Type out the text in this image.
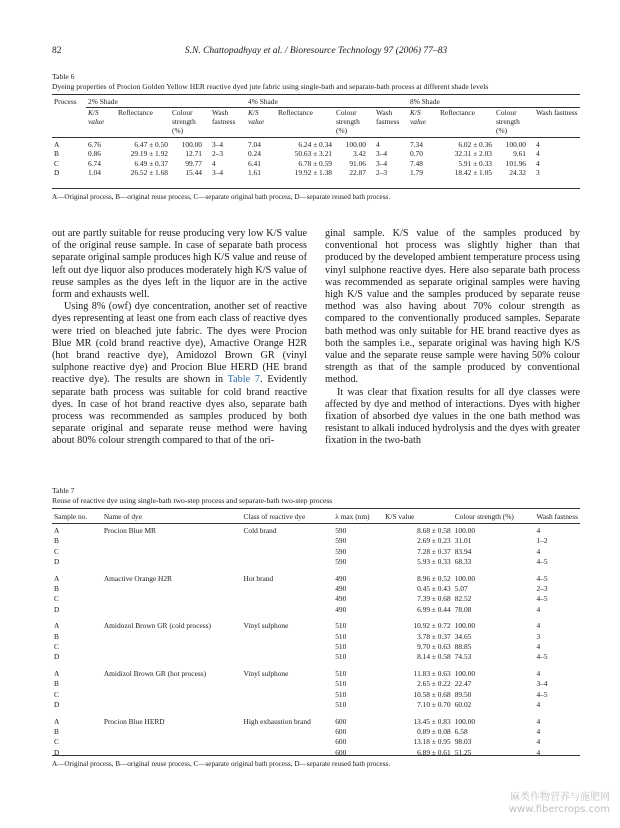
82	S.N. Chattopadhyay et al. / Bioresource Technology 97 (2006) 77–83
Table 6
Dyeing properties of Procion Golden Yellow HER reactive dyed jute fabric using single-bath and separate-bath process at different shade levels
Process	2% Shade				4% Shade				8% Shade			
	K/S value	Reflectance	Colour strength (%)	Wash fastness	K/S value	Reflectance	Colour strength (%)	Wash fastness	K/S value	Reflectance	Colour strength (%)	Wash fastness
A	6.76	6.47 ± 0.50	100.00	3–4	7.04	6.24 ± 0.34	100.00	4	7.34	6.02 ± 0.36	100.00	4
B	0.86	29.19 ± 1.92	12.71	2–3	0.24	50.63 ± 3.21	3.42	3–4	0.70	32.31 ± 2.03	9.61	4
C	6.74	6.49 ± 0.37	99.77	4	6.41	6.78 ± 0.59	91.06	3–4	7.48	5.91 ± 0.33	101.96	4
D	1.04	26.52 ± 1.68	15.44	3–4	1.61	19.92 ± 1.38	22.87	2–3	1.79	18.42 ± 1.05	24.32	3
A—Original process, B—original reuse process, C—separate original bath process, D—separate reused bath process.

out are partly suitable for reuse producing very low K/S value of the original reuse sample. In case of separate bath process separate original sample produces high K/S value and reuse of left out dye liquor also produces moderately high K/S value of reuse samples as the dyes left in the liquor are in the active form and exhausts well.

Using 8% (owf) dye concentration, another set of reactive dyes representing at least one from each class of reactive dyes were tried on bleached jute fabric. The dyes were Procion Blue MR (cold brand reactive dye), Amactive Orange H2R (hot brand reactive dye), Amidozol Brown GR (vinyl sulphone reactive dye) and Procion Blue HERD (HE brand reactive dye). The results are shown in Table 7. Evidently separate bath process was suitable for cold brand reactive dyes. In case of hot brand reactive dyes also, separate bath process was recommended as samples produced by both separate original and separate reuse method were having about 80% colour strength compared to that of the ori-

ginal sample. K/S value of the samples produced by conventional hot process was slightly higher than that produced by the developed ambient temperature process using vinyl sulphone reactive dyes. Here also separate bath process was recommended as separate original samples were having high K/S value and the samples produced by separate reuse method was also having about 70% colour strength as compared to the conventionally produced samples. Separate bath method was only suitable for HE brand reactive dyes as both the samples i.e., separate original was having high K/S value and the separate reuse sample were having 50% colour strength as that of the sample produced by conventional method.

It was clear that fixation results for all dye classes were affected by dye and method of interactions. Dyes with higher fixation of absorbed dye values in the one bath method was resistant to alkali induced hydrolysis and the dyes with greater fixation in the two-bath

Table 7
Reuse of reactive dye using single-bath two-step process and separate-bath two-step process
Sample no.	Name of dye	Class of reactive dye	λ max (nm)	K/S value	Colour strength (%)	Wash fastness
A	Procion Blue MR	Cold brand	590	8.68 ± 0.58	100.00	4
B			590	2.69 ± 0.23	31.01	1–2
C			590	7.28 ± 0.37	83.94	4
D			590	5.93 ± 0.33	68.33	4–5
A	Amactive Orange H2R	Hot brand	490	8.96 ± 0.52	100.00	4–5
B			490	0.45 ± 0.43	5.07	2–3
C			490	7.39 ± 0.68	82.52	4–5
D			490	6.99 ± 0.44	78.08	4
A	Amidozol Brown GR (cold process)	Vinyl sulphone	510	10.92 ± 0.72	100.00	4
B			510	3.78 ± 0.37	34.65	3
C			510	9.70 ± 0.63	88.85	4
D			510	8.14 ± 0.58	74.53	4–5
A	Amidizol Brown GR (hot process)	Vinyl sulphone	510	11.83 ± 0.63	100.00	4
B			510	2.65 ± 0.22	22.47	3–4
C			510	10.58 ± 0.68	89.50	4–5
D			510	7.10 ± 0.70	60.02	4
A	Procion Blue HERD	High exhaustion brand	600	13.45 ± 0.83	100.00	4
B			600	0.89 ± 0.08	6.58	4
C			600	13.18 ± 0.95	98.03	4
D			600	6.89 ± 0.61	51.25	4
A—Original process, B—original reuse process, C—separate original bath process, D—separate reused bath process.
麻类作物营养与施肥网
www.fibercrops.com
